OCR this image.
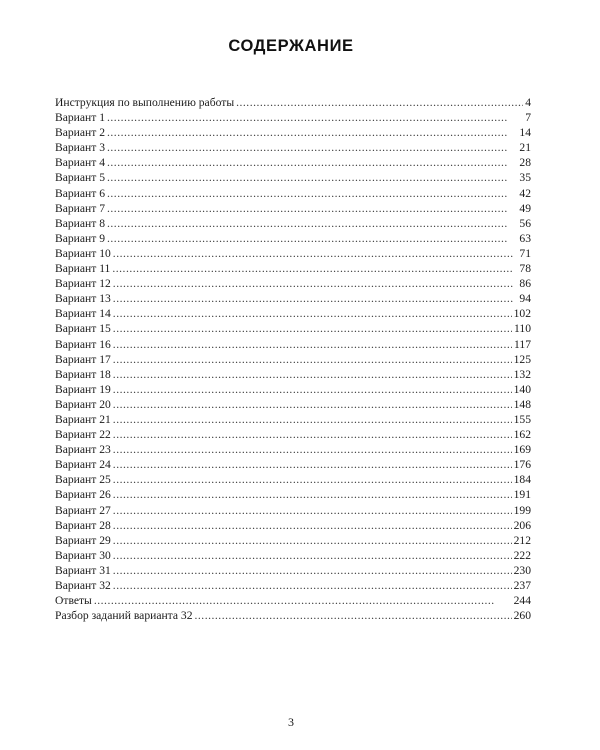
СОДЕРЖАНИЕ
Инструкция по выполнению работы . . .	4
Вариант 1 . . .	7
Вариант 2 . . .	14
Вариант 3 . . .	21
Вариант 4 . . .	28
Вариант 5 . . .	35
Вариант 6 . . .	42
Вариант 7 . . .	49
Вариант 8 . . .	56
Вариант 9 . . .	63
Вариант 10 . . .	71
Вариант 11 . . .	78
Вариант 12 . . .	86
Вариант 13 . . .	94
Вариант 14 . . .	102
Вариант 15 . . .	110
Вариант 16 . . .	117
Вариант 17 . . .	125
Вариант 18 . . .	132
Вариант 19 . . .	140
Вариант 20 . . .	148
Вариант 21 . . .	155
Вариант 22 . . .	162
Вариант 23 . . .	169
Вариант 24 . . .	176
Вариант 25 . . .	184
Вариант 26 . . .	191
Вариант 27 . . .	199
Вариант 28 . . .	206
Вариант 29 . . .	212
Вариант 30 . . .	222
Вариант 31 . . .	230
Вариант 32 . . .	237
Ответы . . .	244
Разбор заданий варианта 32 . . .	260
3
